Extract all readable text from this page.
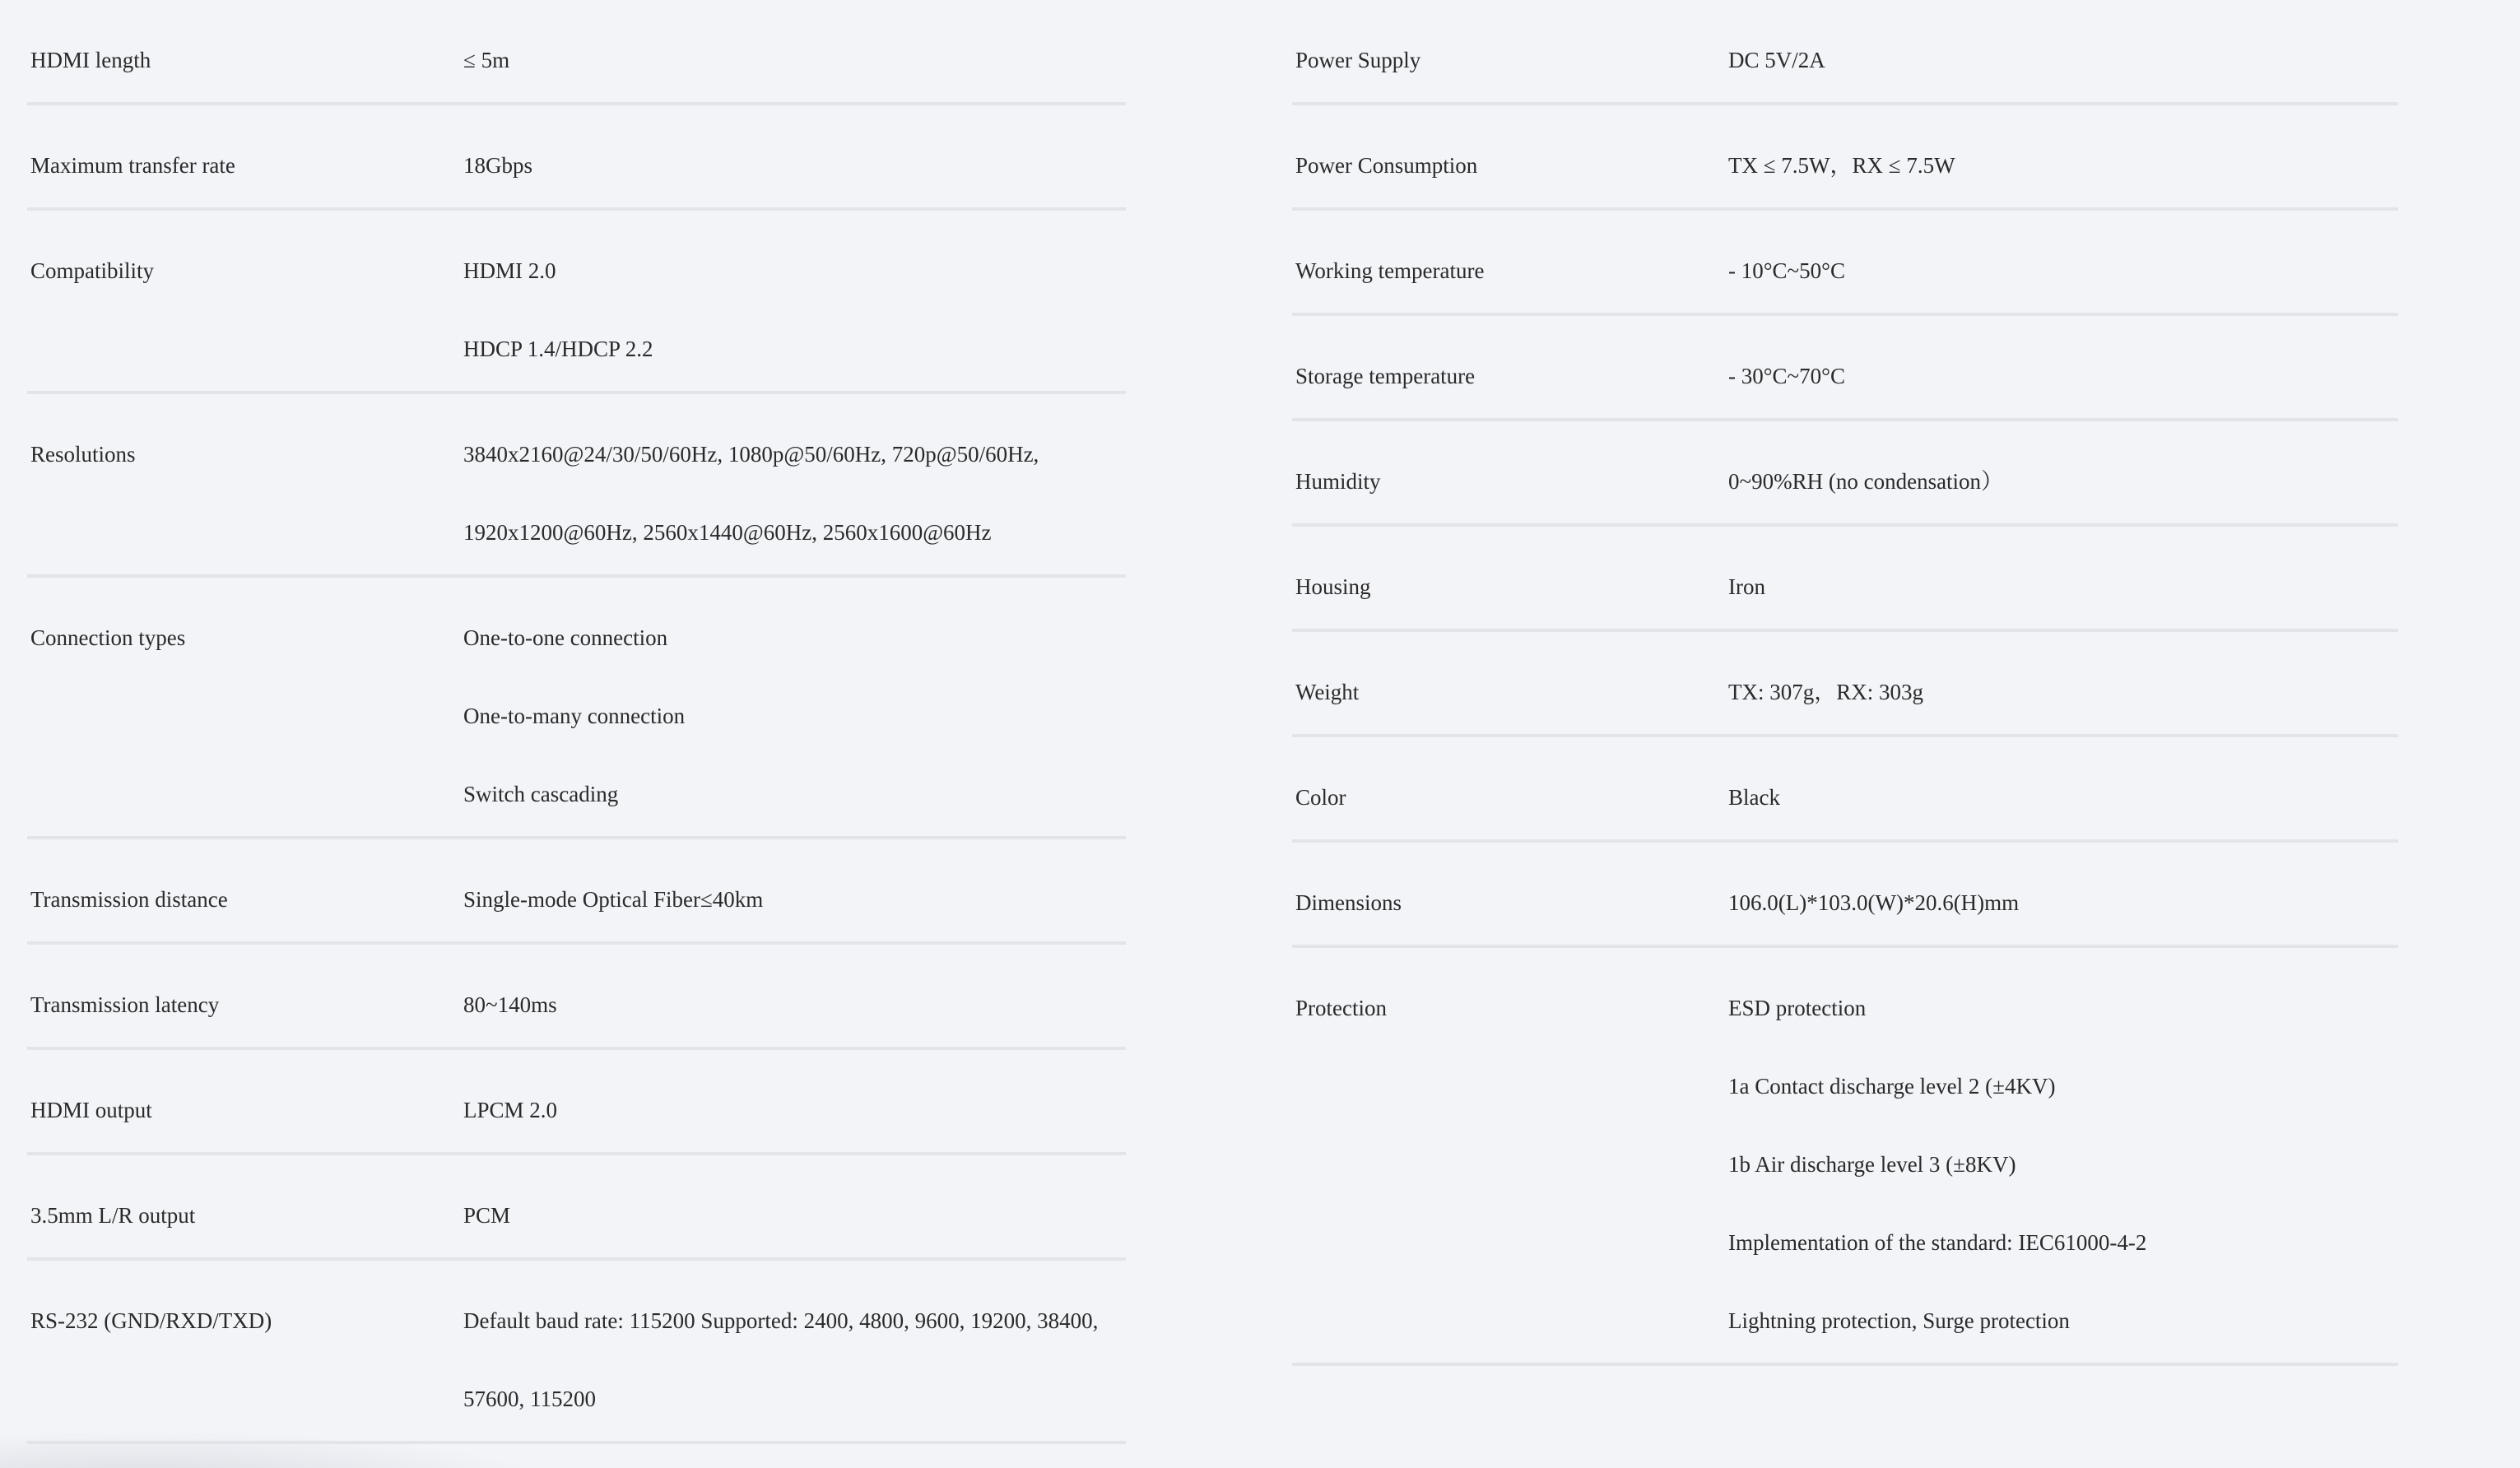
HDMI length	≤ 5m
Maximum transfer rate	18Gbps
Compatibility	HDMI 2.0
HDCP 1.4/HDCP 2.2
Resolutions	3840x2160@24/30/50/60Hz, 1080p@50/60Hz, 720p@50/60Hz,
1920x1200@60Hz, 2560x1440@60Hz, 2560x1600@60Hz
Connection types	One-to-one connection
One-to-many connection
Switch cascading
Transmission distance	Single-mode Optical Fiber≤40km
Transmission latency	80~140ms
HDMI output	LPCM 2.0
3.5mm L/R output	PCM
RS-232 (GND/RXD/TXD)	Default baud rate: 115200 Supported: 2400, 4800, 9600, 19200, 38400,
57600, 115200
Power Supply	DC 5V/2A
Power Consumption	TX ≤ 7.5W，RX ≤ 7.5W
Working temperature	- 10°C~50°C
Storage temperature	- 30°C~70°C
Humidity	0~90%RH (no condensation）
Housing	Iron
Weight	TX: 307g，RX: 303g
Color	Black
Dimensions	106.0(L)*103.0(W)*20.6(H)mm
Protection	ESD protection
1a Contact discharge level 2 (±4KV)
1b Air discharge level 3 (±8KV)
Implementation of the standard: IEC61000-4-2
Lightning protection, Surge protection
